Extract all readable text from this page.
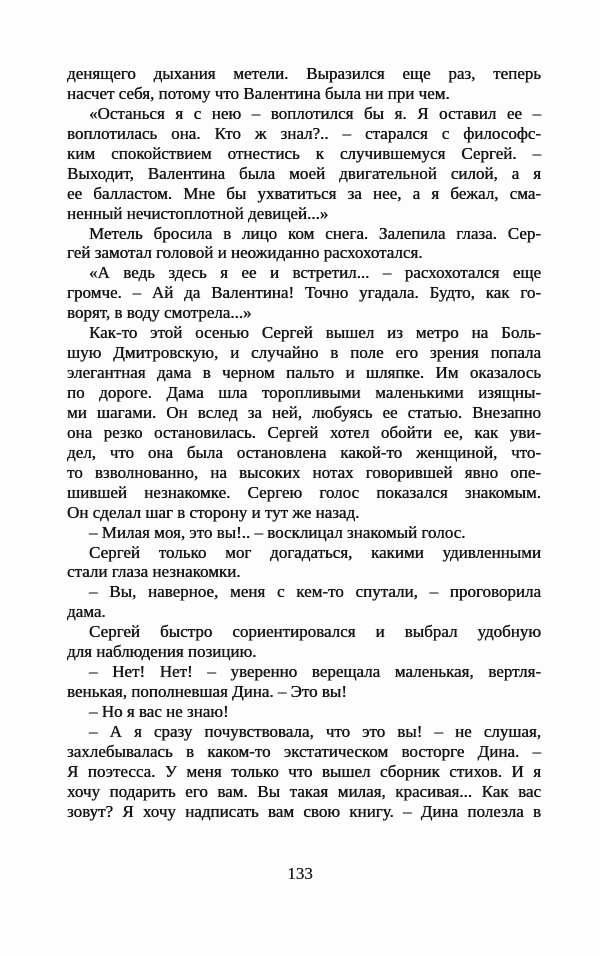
денящего дыхания метели. Выразился еще раз, теперь
насчет себя, потому что Валентина была ни при чем.
«Останься я с нею – воплотился бы я. Я оставил ее –
воплотилась она. Кто ж знал?.. – старался с философс-
ким спокойствием отнестись к случившемуся Сергей. –
Выходит, Валентина была моей двигательной силой, а я
ее балластом. Мне бы ухватиться за нее, а я бежал, сма-
ненный нечистоплотной девицей...»
Метель бросила в лицо ком снега. Залепила глаза. Сер-
гей замотал головой и неожиданно расхохотался.
«А ведь здесь я ее и встретил... – расхохотался еще
громче. – Ай да Валентина! Точно угадала. Будто, как го-
ворят, в воду смотрела...»
Как-то этой осенью Сергей вышел из метро на Боль-
шую Дмитровскую, и случайно в поле его зрения попала
элегантная дама в черном пальто и шляпке. Им оказалось
по дороге. Дама шла торопливыми маленькими изящны-
ми шагами. Он вслед за ней, любуясь ее статью. Внезапно
она резко остановилась. Сергей хотел обойти ее, как уви-
дел, что она была остановлена какой-то женщиной, что-
то взволнованно, на высоких нотах говорившей явно опе-
шившей незнакомке. Сергею голос показался знакомым.
Он сделал шаг в сторону и тут же назад.
– Милая моя, это вы!.. – восклицал знакомый голос.
Сергей только мог догадаться, какими удивленными
стали глаза незнакомки.
– Вы, наверное, меня с кем-то спутали, – проговорила
дама.
Сергей быстро сориентировался и выбрал удобную
для наблюдения позицию.
– Нет! Нет! – уверенно верещала маленькая, вертля-
венькая, пополневшая Дина. – Это вы!
– Но я вас не знаю!
– А я сразу почувствовала, что это вы! – не слушая,
захлебывалась в каком-то экстатическом восторге Дина. –
Я поэтесса. У меня только что вышел сборник стихов. И я
хочу подарить его вам. Вы такая милая, красивая... Как вас
зовут? Я хочу надписать вам свою книгу. – Дина полезла в
133
